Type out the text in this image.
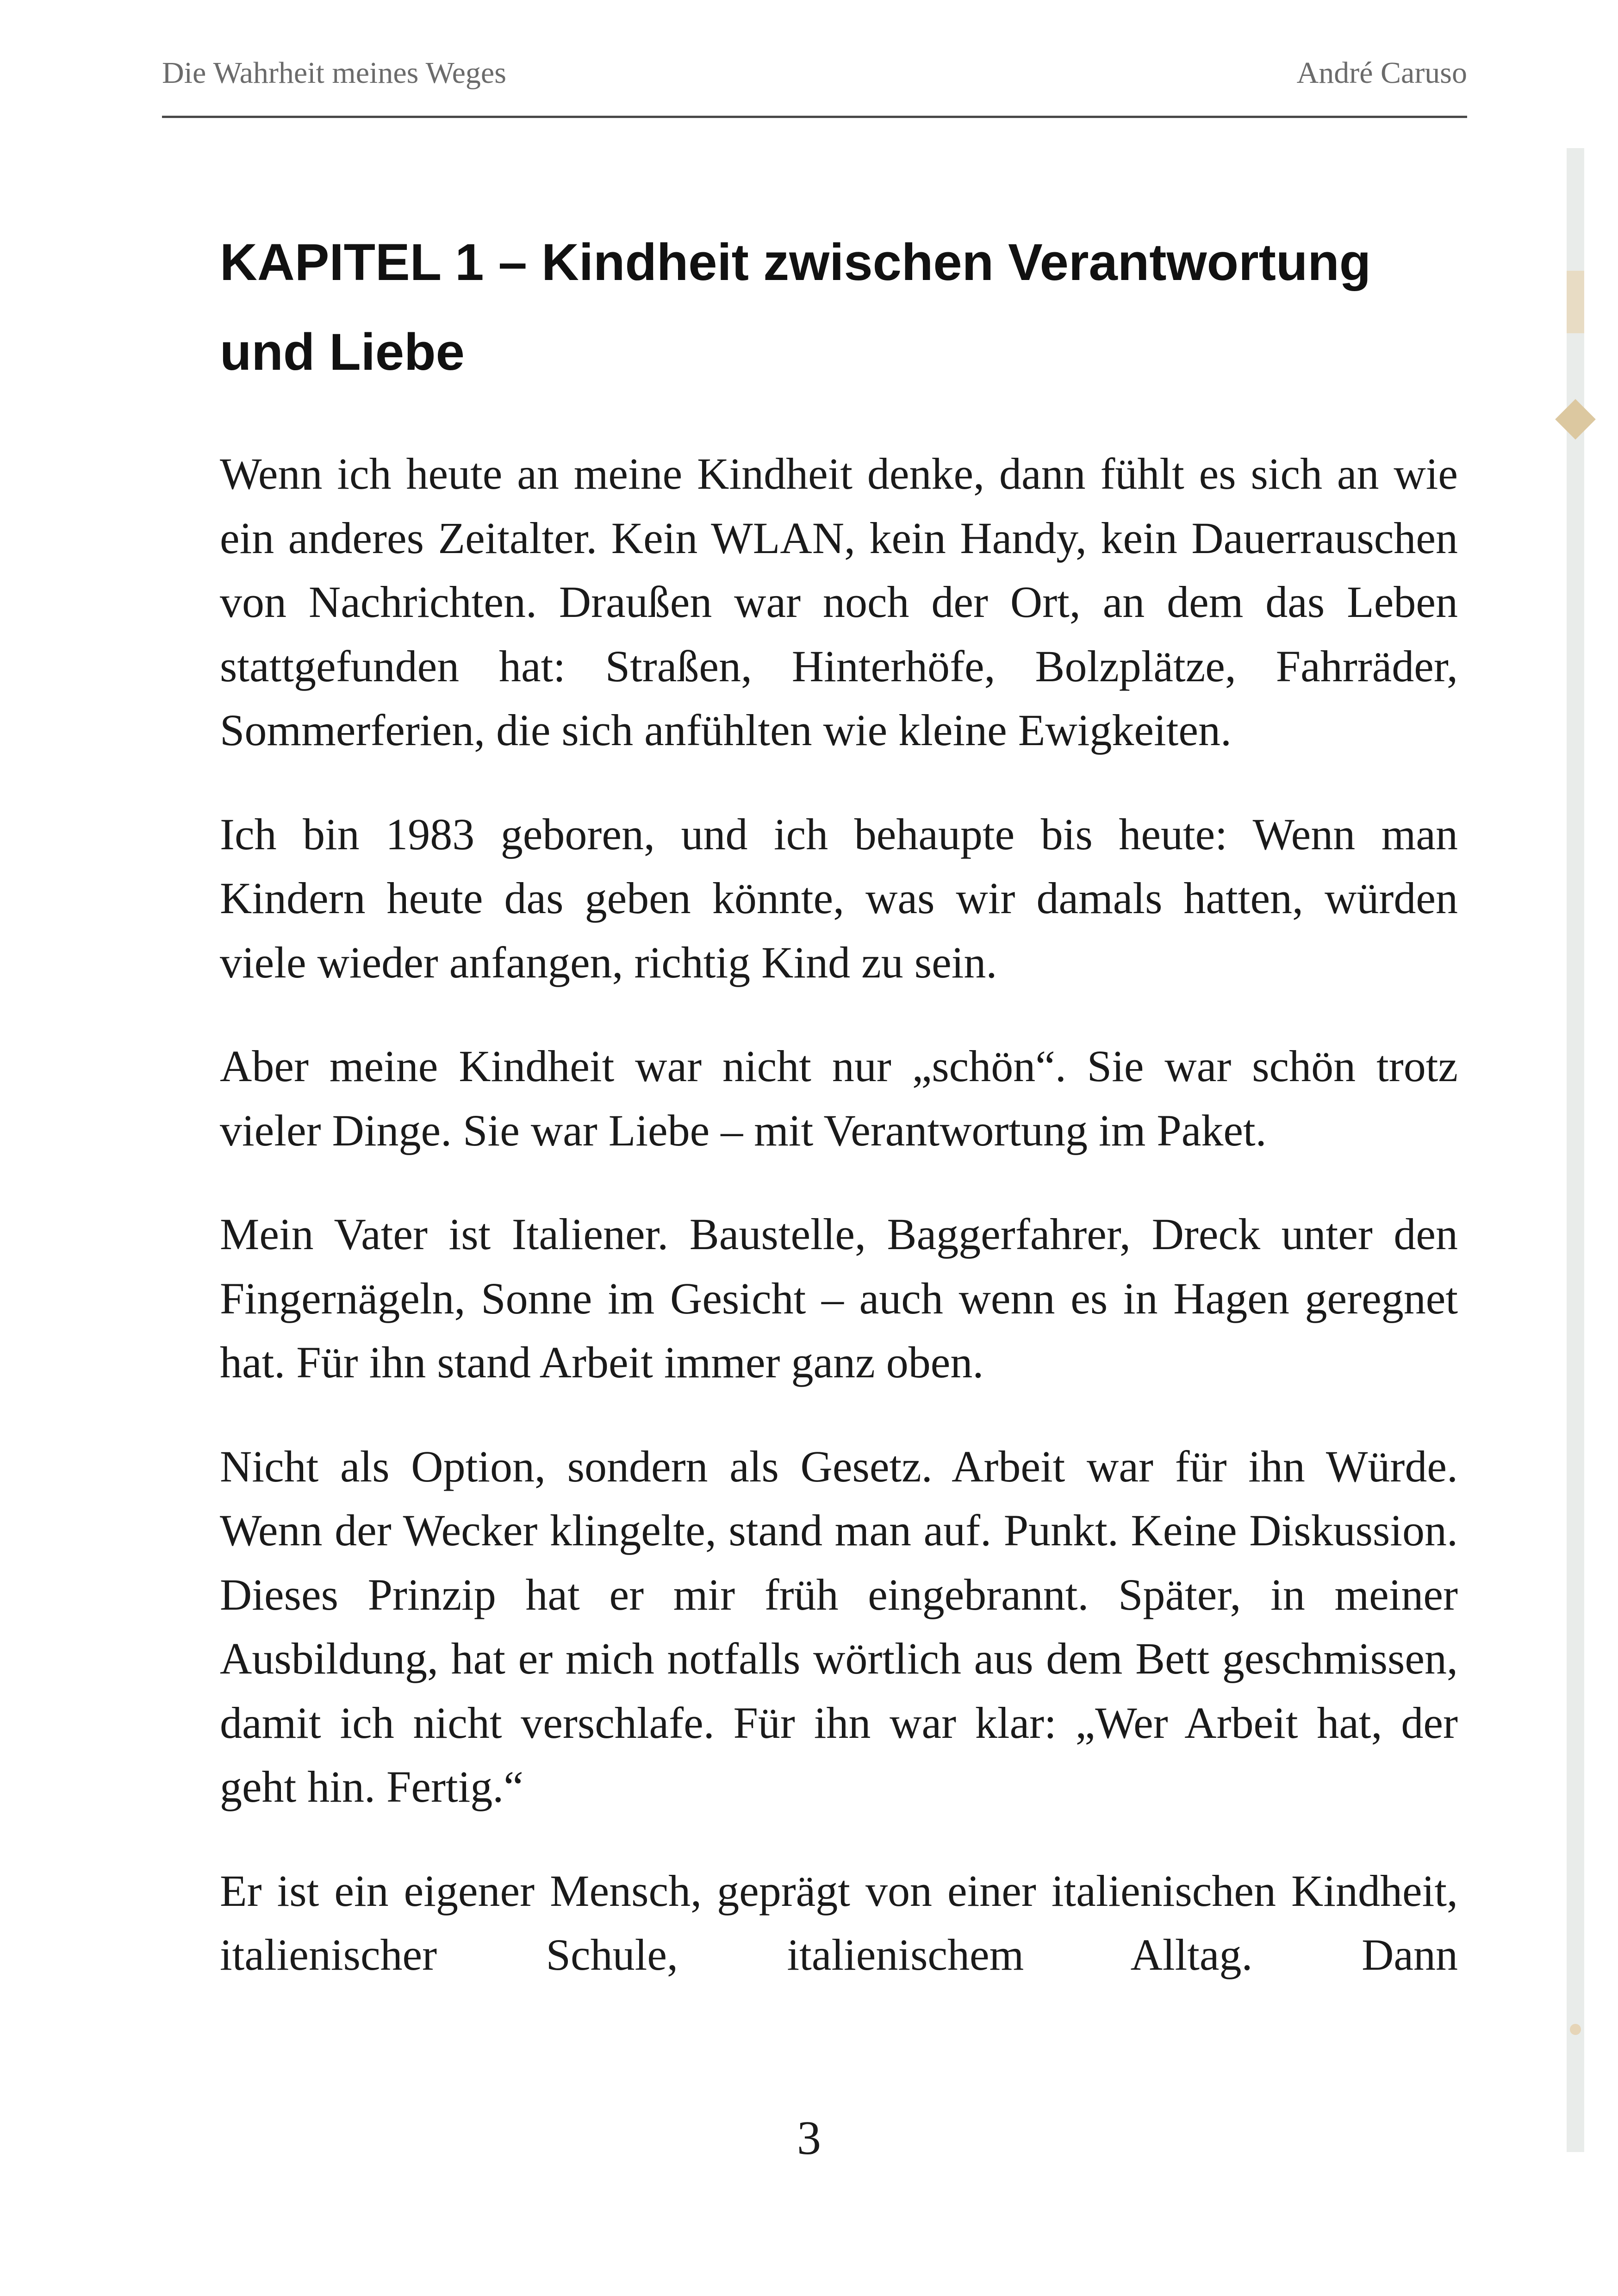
Die Wahrheit meines Weges	André Caruso
KAPITEL 1 – Kindheit zwischen Verantwortung und Liebe

Wenn ich heute an meine Kindheit denke, dann fühlt es sich an wie ein anderes Zeitalter. Kein WLAN, kein Handy, kein Dauerrauschen von Nachrichten. Draußen war noch der Ort, an dem das Leben stattgefunden hat: Straßen, Hinterhöfe, Bolzplätze, Fahrräder, Sommerferien, die sich anfühlten wie kleine Ewigkeiten.

Ich bin 1983 geboren, und ich behaupte bis heute: Wenn man Kindern heute das geben könnte, was wir damals hatten, würden viele wieder anfangen, richtig Kind zu sein.

Aber meine Kindheit war nicht nur „schön“. Sie war schön trotz vieler Dinge. Sie war Liebe – mit Verantwortung im Paket.

Mein Vater ist Italiener. Baustelle, Baggerfahrer, Dreck unter den Fingernägeln, Sonne im Gesicht – auch wenn es in Hagen geregnet hat. Für ihn stand Arbeit immer ganz oben.

Nicht als Option, sondern als Gesetz. Arbeit war für ihn Würde. Wenn der Wecker klingelte, stand man auf. Punkt. Keine Diskussion. Dieses Prinzip hat er mir früh eingebrannt. Später, in meiner Ausbildung, hat er mich notfalls wörtlich aus dem Bett geschmissen, damit ich nicht verschlafe. Für ihn war klar: „Wer Arbeit hat, der geht hin. Fertig.“

Er ist ein eigener Mensch, geprägt von einer italienischen Kindheit, italienischer Schule, italienischem Alltag. Dann

3
